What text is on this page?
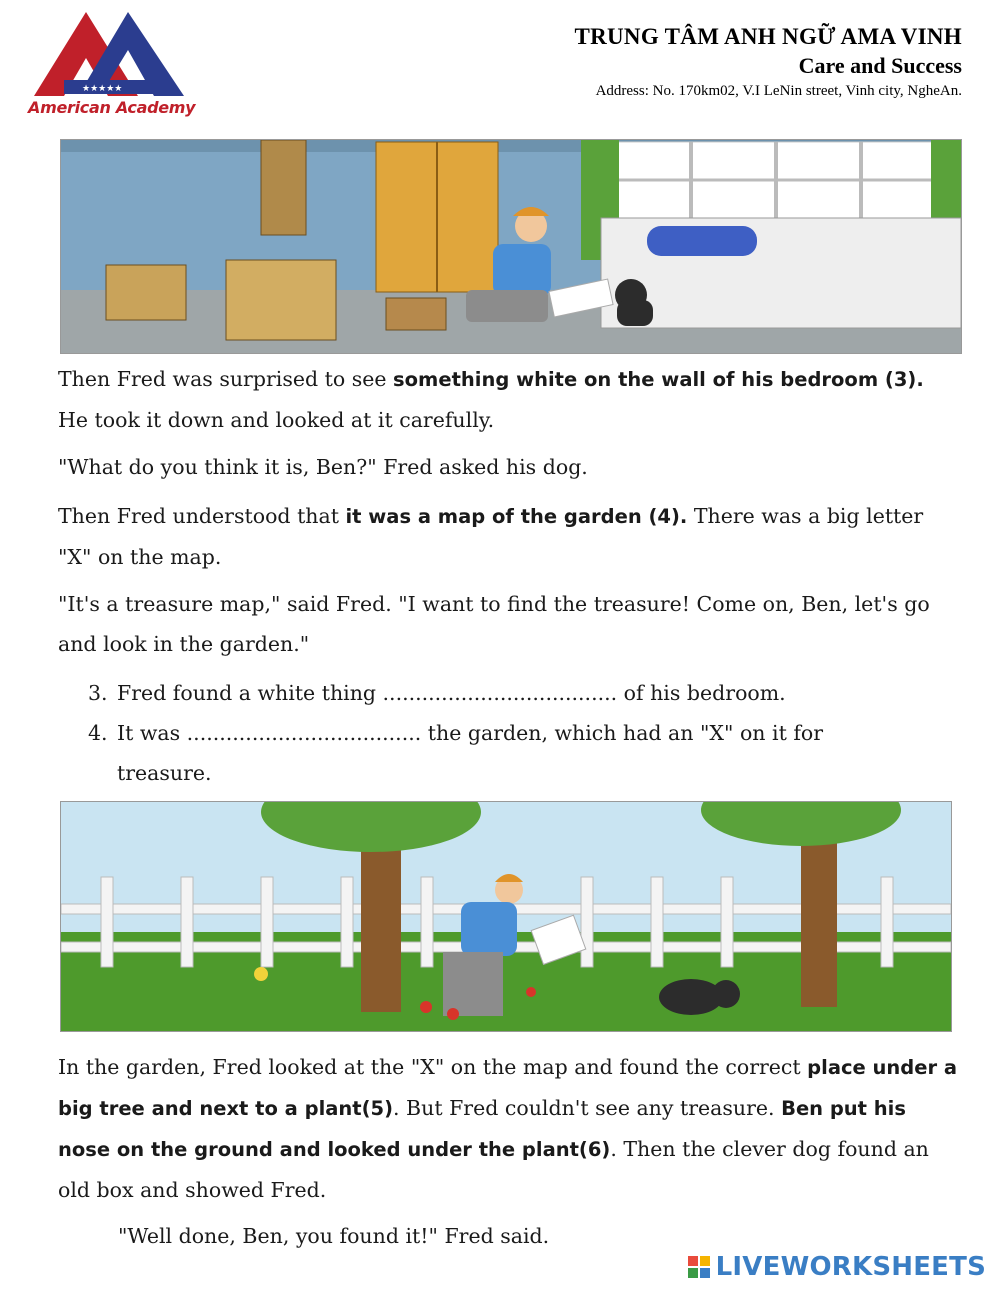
★★★★★
American Academy
TRUNG TÂM ANH NGỮ AMA VINH
Care and Success
Address: No. 170km02, V.I LeNin street, Vinh city, NgheAn.
Then Fred was surprised to see something white on the wall of his bedroom (3). He took it down and looked at it carefully.
"What do you think it is, Ben?" Fred asked his dog.
Then Fred understood that it was a map of the garden (4). There was a big letter "X" on the map.
"It's a treasure map," said Fred. "I want to find the treasure! Come on, Ben, let's go and look in the garden."
3. Fred found a white thing .................................... of his bedroom.
4. It was .................................... the garden, which had an "X" on it for treasure.
In the garden, Fred looked at the "X" on the map and found the correct place under a big tree and next to a plant(5). But Fred couldn't see any treasure. Ben put his nose on the ground and looked under the plant(6). Then the clever dog found an old box and showed Fred.
"Well done, Ben, you found it!" Fred said.
LIVEWORKSHEETS
